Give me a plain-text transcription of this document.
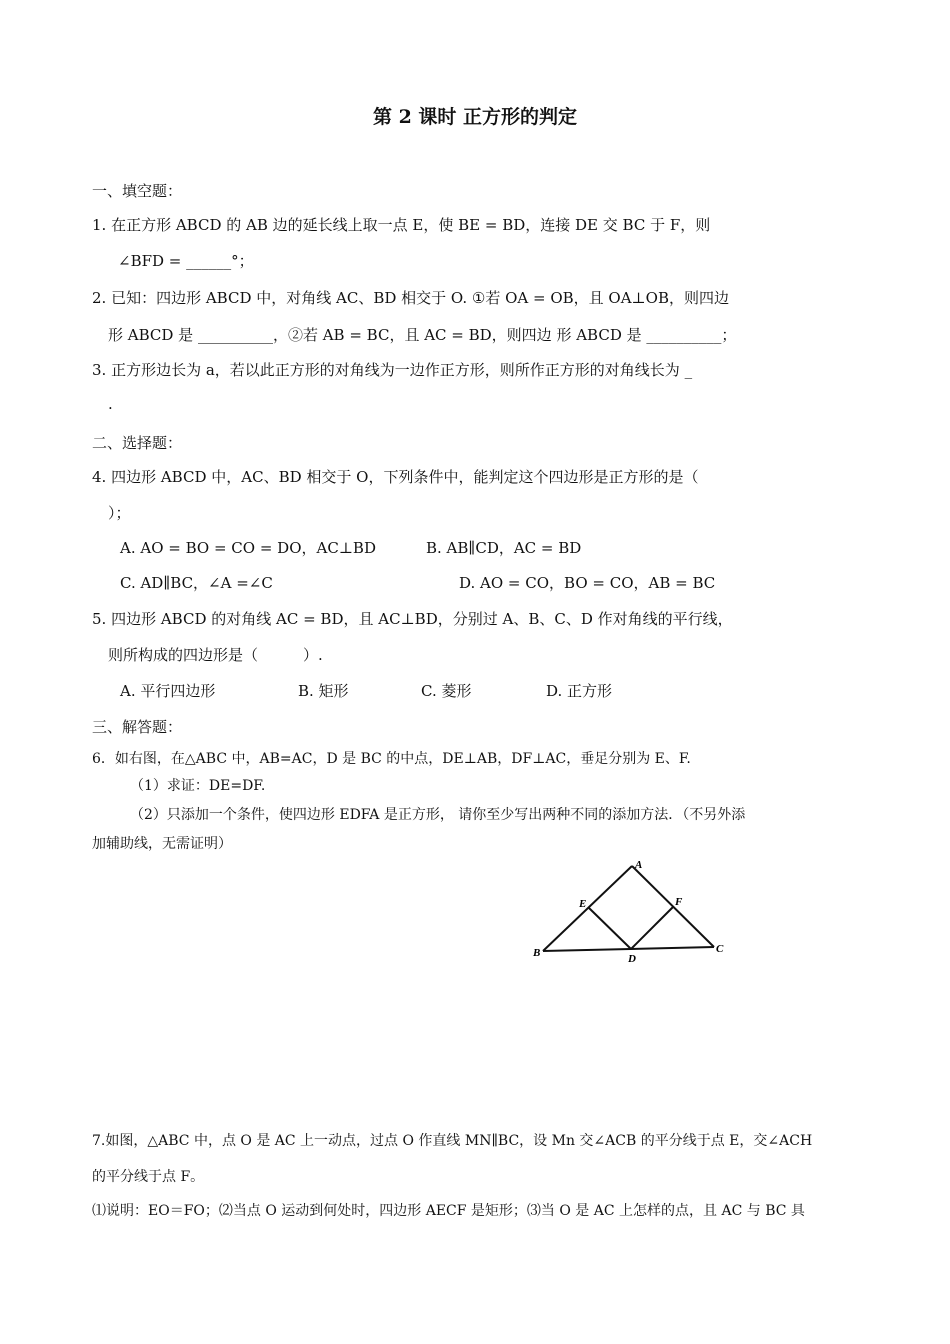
第 2 课时 正方形的判定
一、填空题：
1. 在正方形 ABCD 的 AB 边的延长线上取一点 E，使 BE = BD，连接 DE 交 BC 于 F，则
∠BFD = ______°；
2. 已知：四边形 ABCD 中，对角线 AC、BD 相交于 O. ①若 OA = OB，且 OA⊥OB，则四边
形 ABCD 是 __________，②若 AB = BC，且 AC = BD，则四边 形 ABCD 是 __________；
3. 正方形边长为 a，若以此正方形的对角线为一边作正方形，则所作正方形的对角线长为 _
.
二、选择题：
4. 四边形 ABCD 中，AC、BD 相交于 O，下列条件中，能判定这个四边形是正方形的是（
）；
A. AO = BO = CO = DO，AC⊥BD	B. AB∥CD，AC = BD
C. AD∥BC，∠A =∠C	D. AO = CO，BO = CO，AB = BC
5. 四边形 ABCD 的对角线 AC = BD，且 AC⊥BD，分别过 A、B、C、D 作对角线的平行线，
则所构成的四边形是（　　　）.
A. 平行四边形	B. 矩形	C. 菱形	D. 正方形
三、解答题：
6．如右图，在△ABC 中，AB=AC，D 是 BC 的中点，DE⊥AB，DF⊥AC，垂足分别为 E、F.
（1）求证：DE=DF.
（2）只添加一个条件，使四边形 EDFA 是正方形， 请你至少写出两种不同的添加方法．（不另外添
加辅助线，无需证明）
A
E	F
B	C
D
7.如图，△ABC 中，点 O 是 AC 上一动点，过点 O 作直线 MN∥BC，设 Mn 交∠ACB 的平分线于点 E，交∠ACH
的平分线于点 F。
⑴说明：EO＝FO；⑵当点 O 运动到何处时，四边形 AECF 是矩形；⑶当 O 是 AC 上怎样的点，且 AC 与 BC 具
